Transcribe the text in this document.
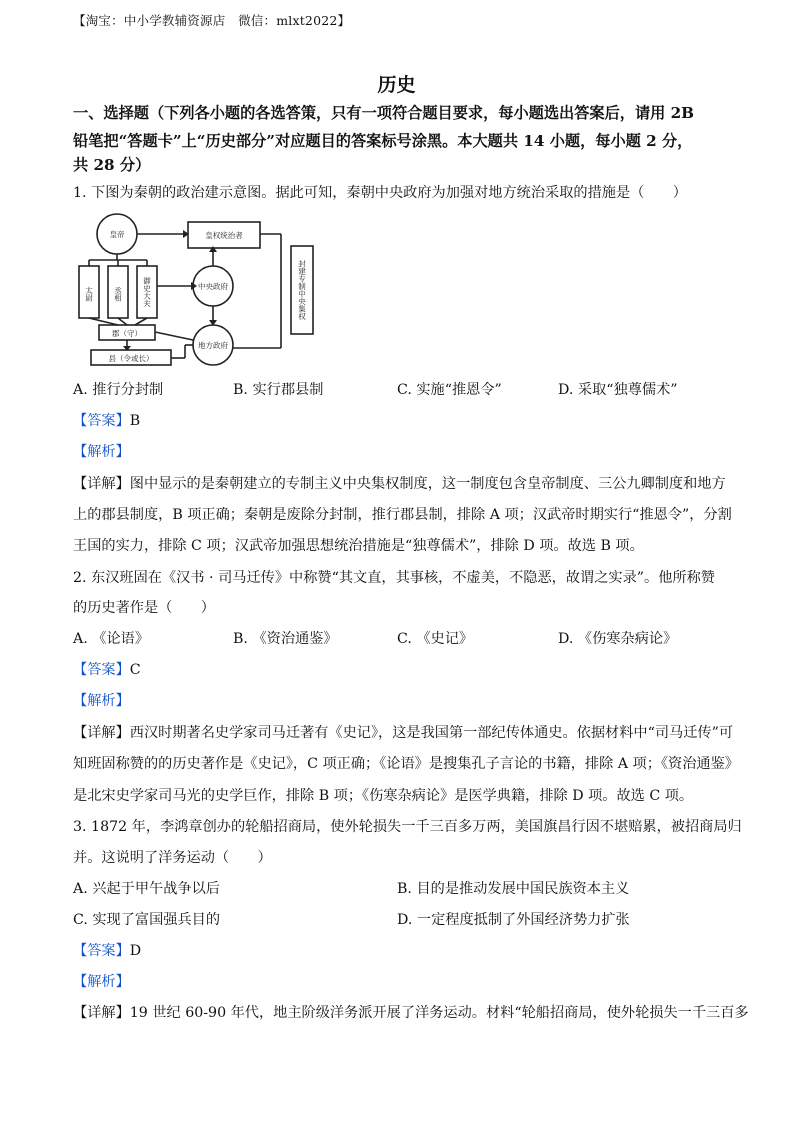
【淘宝：中小学教辅资源店　微信：mlxt2022】
历史
一、选择题（下列各小题的各选答策，只有一项符合题目要求，每小题选出答案后，请用 2B
铅笔把“答题卡”上“历史部分”对应题目的答案标号涂黑。本大题共 14 小题，每小题 2 分，
共 28 分）
1. 下图为秦朝的政治建示意图。据此可知，秦朝中央政府为加强对地方统治采取的措施是（　　）
皇帝	皇权统治者
太尉	丞相	御史大夫	中央政府
地方政府
郡（守）
县（令或长）
封建专制中央集权
A. 推行分封制	B. 实行郡县制	C. 实施“推恩令”	D. 采取“独尊儒术”
【答案】B
【解析】
【详解】图中显示的是秦朝建立的专制主义中央集权制度，这一制度包含皇帝制度、三公九卿制度和地方
上的郡县制度，B 项正确；秦朝是废除分封制，推行郡县制，排除 A 项；汉武帝时期实行“推恩令”，分割
王国的实力，排除 C 项；汉武帝加强思想统治措施是“独尊儒术”，排除 D 项。故选 B 项。
2. 东汉班固在《汉书 · 司马迁传》中称赞“其文直，其事核，不虚美，不隐恶，故谓之实录”。他所称赞
的历史著作是（　　）
A. 《论语》	B. 《资治通鉴》	C. 《史记》	D. 《伤寒杂病论》
【答案】C
【解析】
【详解】西汉时期著名史学家司马迁著有《史记》，这是我国第一部纪传体通史。依据材料中“司马迁传”可
知班固称赞的的历史著作是《史记》，C 项正确；《论语》是搜集孔子言论的书籍，排除 A 项；《资治通鉴》
是北宋史学家司马光的史学巨作，排除 B 项；《伤寒杂病论》是医学典籍，排除 D 项。故选 C 项。
3. 1872 年，李鸿章创办的轮船招商局，使外轮损失一千三百多万两，美国旗昌行因不堪赔累，被招商局归
并。这说明了洋务运动（　　）
A. 兴起于甲午战争以后	B. 目的是推动发展中国民族资本主义
C. 实现了富国强兵目的	D. 一定程度抵制了外国经济势力扩张
【答案】D
【解析】
【详解】19 世纪 60-90 年代，地主阶级洋务派开展了洋务运动。材料“轮船招商局，使外轮损失一千三百多
